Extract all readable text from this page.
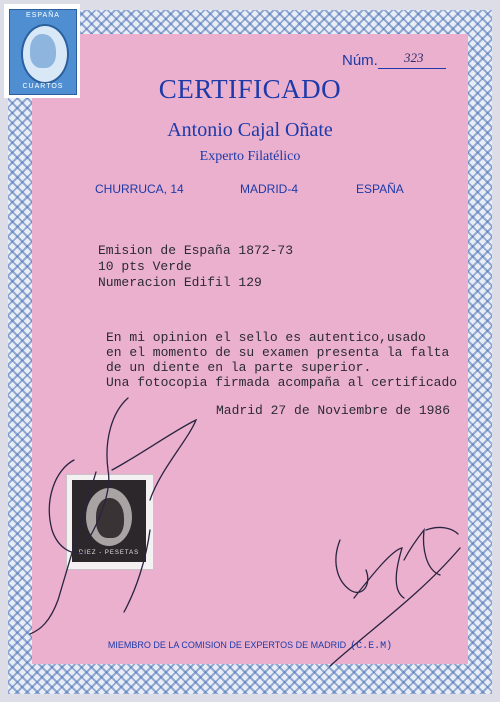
ESPAÑA
CUARTOS
Núm. 323
CERTIFICADO
Antonio Cajal Oñate
Experto Filatélico
CHURRUCA, 14	MADRID-4	ESPAÑA
Emision de España 1872-73
10 pts Verde
Numeracion Edifil 129
En mi opinion el sello es autentico,usado
en el momento de su examen presenta la falta
de un diente en la parte superior.
Una fotocopia firmada acompaña al certificado
Madrid 27 de Noviembre de 1986
DIEZ - PESETAS
MIEMBRO DE LA COMISION DE EXPERTOS DE MADRID (C.E.M)
